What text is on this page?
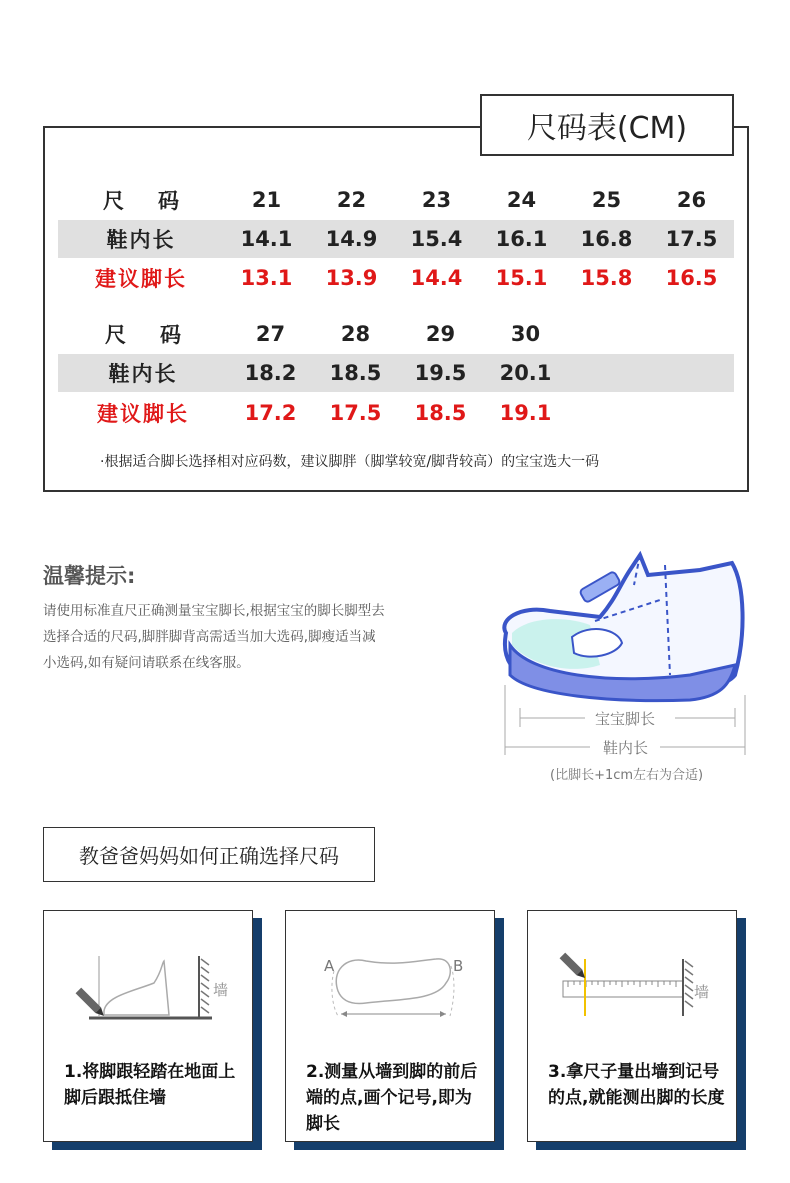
尺码表(CM)
尺码	21	22	23	24	25	26
鞋内长	14.1	14.9	15.4	16.1	16.8	17.5
建议脚长	13.1	13.9	14.4	15.1	15.8	16.5
尺码	27	28	29	30
鞋内长	18.2	18.5	19.5	20.1
建议脚长	17.2	17.5	18.5	19.1
·根据适合脚长选择相对应码数，建议脚胖（脚掌较宽/脚背较高）的宝宝选大一码
温馨提示:
请使用标准直尺正确测量宝宝脚长,根据宝宝的脚长脚型去选择合适的尺码,脚胖脚背高需适当加大选码,脚瘦适当减小选码,如有疑问请联系在线客服。
宝宝脚长
鞋内长
(比脚长+1cm左右为合适)
教爸爸妈妈如何正确选择尺码
墙
1.将脚跟轻踏在地面上脚后跟抵住墙
A	B
2.测量从墙到脚的前后端的点,画个记号,即为脚长
墙
3.拿尺子量出墙到记号的点,就能测出脚的长度
